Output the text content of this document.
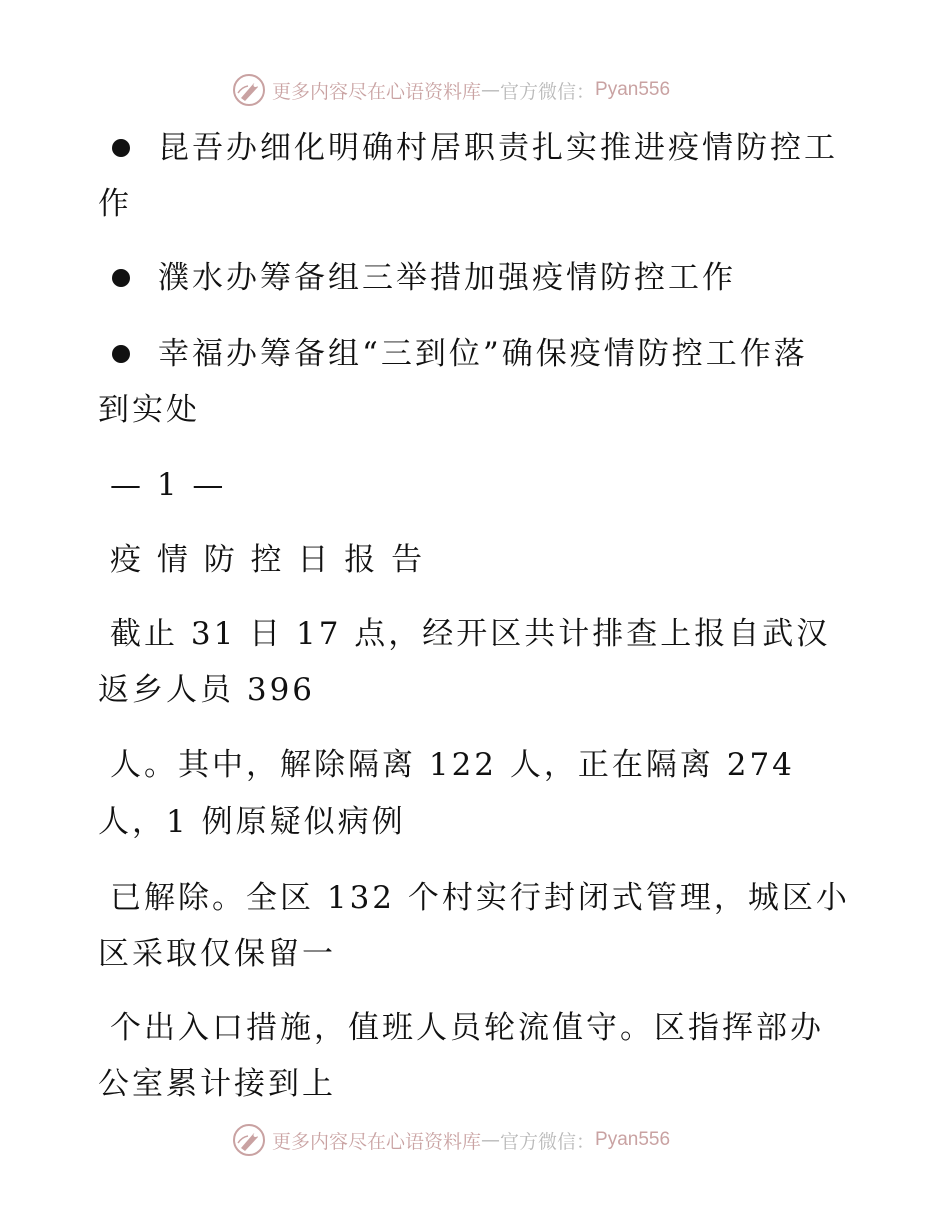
更多内容尽在心语资料库 — 官方微信： Pyan556
昆吾办细化明确村居职责扎实推进疫情防控工
作
濮水办筹备组三举措加强疫情防控工作
幸福办筹备组“三到位”确保疫情防控工作落
到实处
— 1 —
疫 情 防 控 日 报 告
截止 31 日 17 点，经开区共计排查上报自武汉
返乡人员 396
人。其中，解除隔离 122 人，正在隔离 274
人，1 例原疑似病例
已解除。全区 132 个村实行封闭式管理，城区小
区采取仅保留一
个出入口措施，值班人员轮流值守。区指挥部办
公室累计接到上
更多内容尽在心语资料库 — 官方微信： Pyan556
